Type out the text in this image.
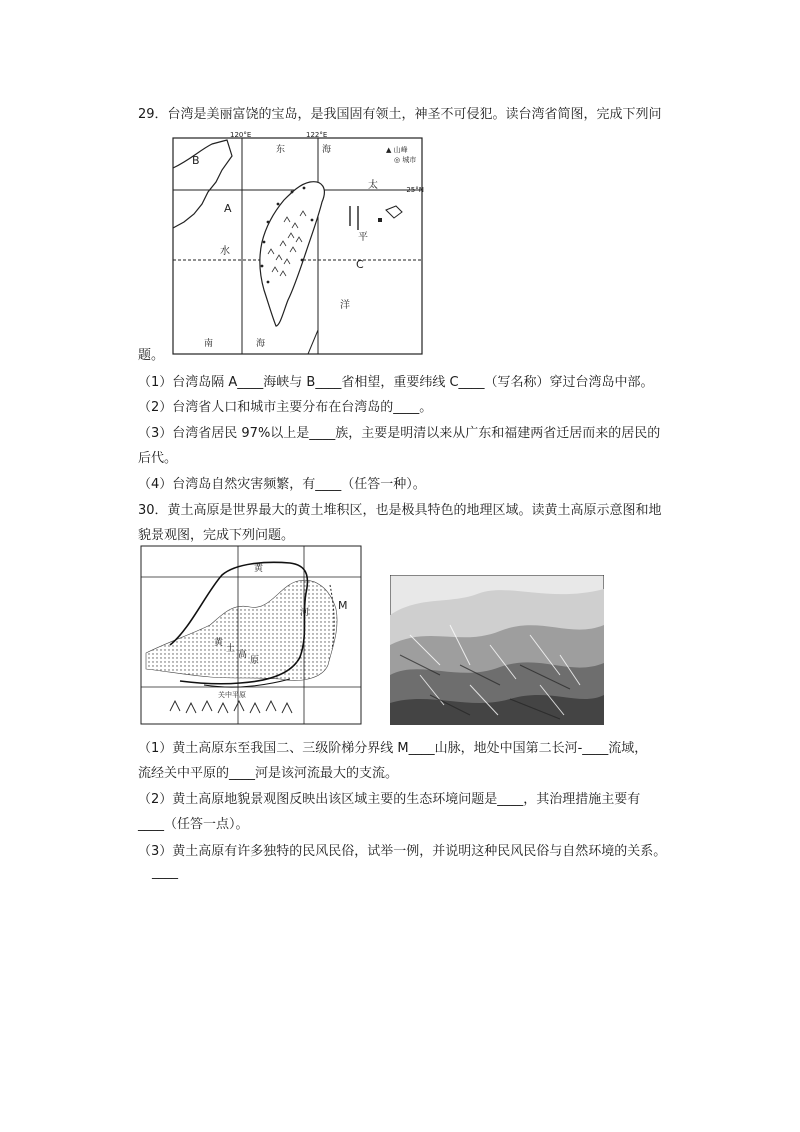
29．台湾是美丽富饶的宝岛，是我国固有领土，神圣不可侵犯。读台湾省简图，完成下列问
120°E	122°E
25°N
B
A
C
东	海
太
平
洋
水
南	海
▲ 山峰
◎ 城市
题。
（1）台湾岛隔 A____海峡与 B____省相望，重要纬线 C____（写名称）穿过台湾岛中部。
（2）台湾省人口和城市主要分布在台湾岛的____。
（3）台湾省居民 97%以上是____族，主要是明清以来从广东和福建两省迁居而来的居民的
后代。
（4）台湾岛自然灾害频繁，有____（任答一种）。
30．黄土高原是世界最大的黄土堆积区，也是极具特色的地理区域。读黄土高原示意图和地
貌景观图，完成下列问题。
M
黄
河
黄
土
高
原
关中平原
（1）黄土高原东至我国二、三级阶梯分界线 M____山脉，地处中国第二长河-____流域，
流经关中平原的____河是该河流最大的支流。
（2）黄土高原地貌景观图反映出该区域主要的生态环境问题是____，其治理措施主要有
____（任答一点）。
（3）黄土高原有许多独特的民风民俗，试举一例，并说明这种民风民俗与自然环境的关系。
____
